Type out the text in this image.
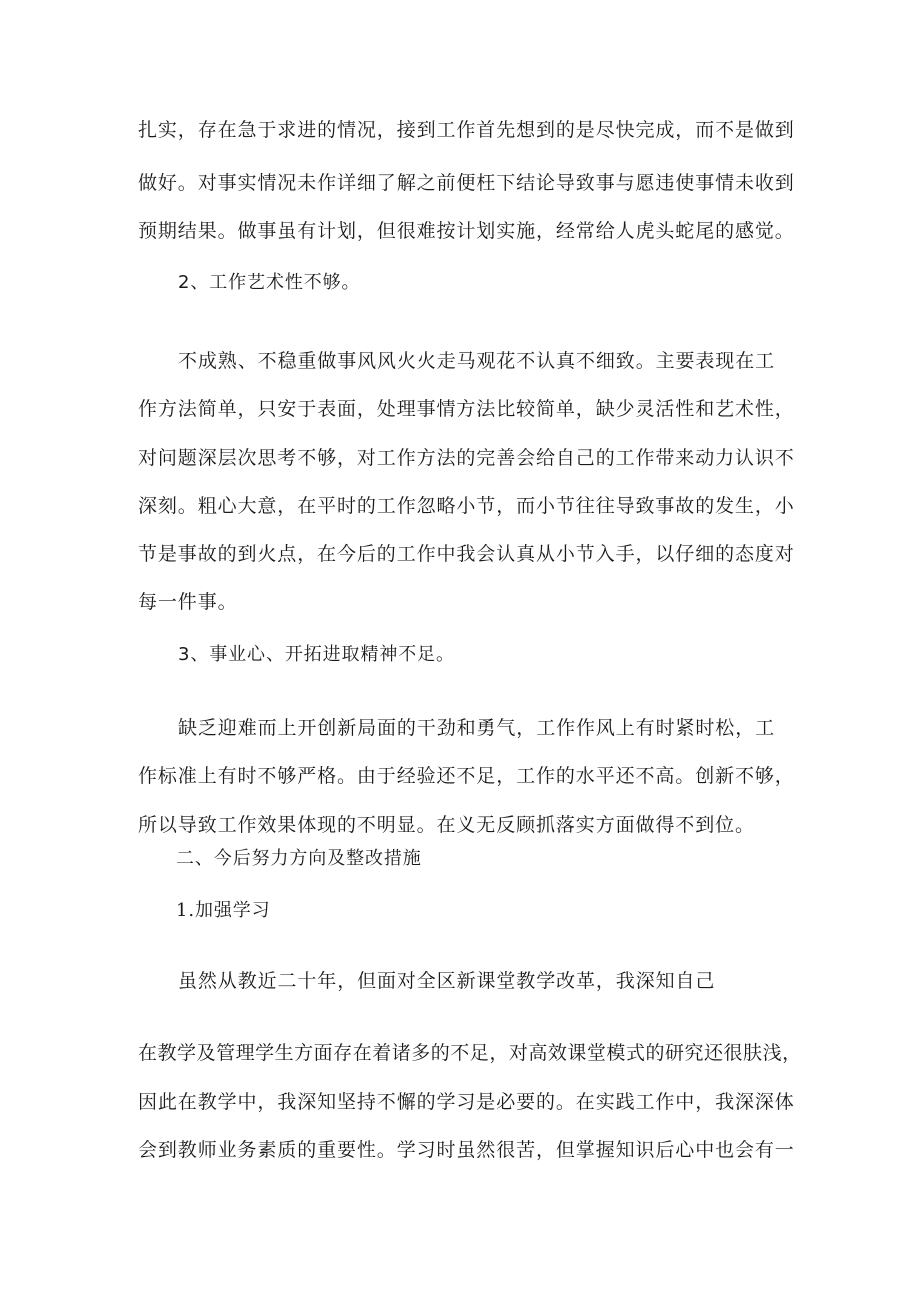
扎实，存在急于求进的情况，接到工作首先想到的是尽快完成，而不是做到
做好。对事实情况未作详细了解之前便枉下结论导致事与愿违使事情未收到
预期结果。做事虽有计划，但很难按计划实施，经常给人虎头蛇尾的感觉。
2、工作艺术性不够。
不成熟、不稳重做事风风火火走马观花不认真不细致。主要表现在工
作方法简单，只安于表面，处理事情方法比较简单，缺少灵活性和艺术性，
对问题深层次思考不够，对工作方法的完善会给自己的工作带来动力认识不
深刻。粗心大意，在平时的工作忽略小节，而小节往往导致事故的发生，小
节是事故的到火点，在今后的工作中我会认真从小节入手，以仔细的态度对
每一件事。
3、事业心、开拓进取精神不足。
缺乏迎难而上开创新局面的干劲和勇气，工作作风上有时紧时松，工
作标准上有时不够严格。由于经验还不足，工作的水平还不高。创新不够，
所以导致工作效果体现的不明显。在义无反顾抓落实方面做得不到位。
二、今后努力方向及整改措施
1.加强学习
虽然从教近二十年，但面对全区新课堂教学改革，我深知自己
在教学及管理学生方面存在着诸多的不足，对高效课堂模式的研究还很肤浅，
因此在教学中，我深知坚持不懈的学习是必要的。在实践工作中，我深深体
会到教师业务素质的重要性。学习时虽然很苦，但掌握知识后心中也会有一
